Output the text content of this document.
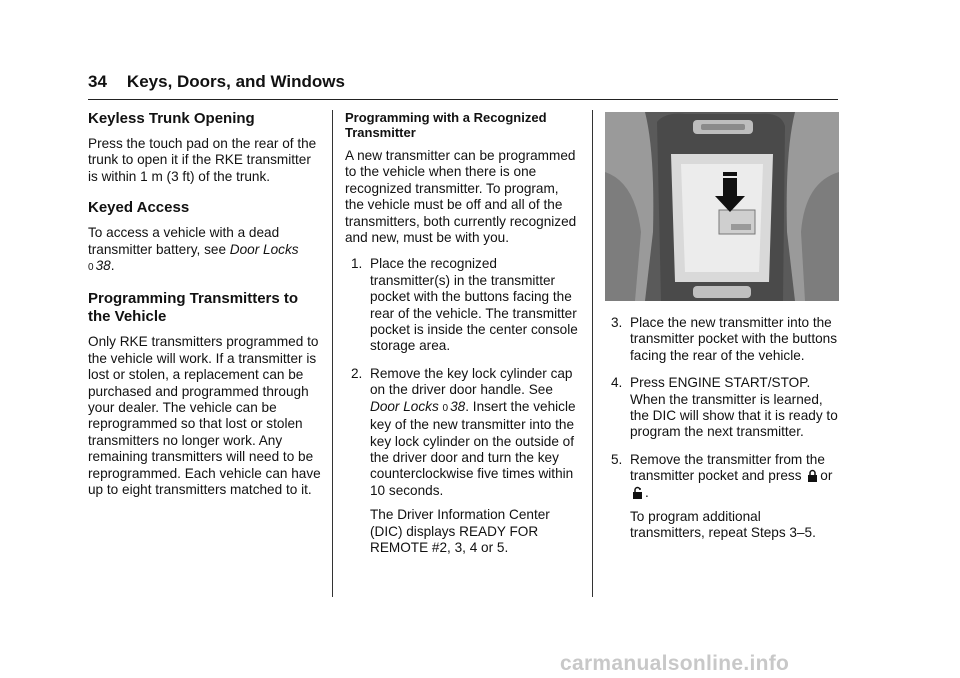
34 Keys, Doors, and Windows
Keyless Trunk Opening

Press the touch pad on the rear of the trunk to open it if the RKE transmitter is within 1 m (3 ft) of the trunk.

Keyed Access

To access a vehicle with a dead transmitter battery, see Door Locks
0 38.

Programming Transmitters to the Vehicle

Only RKE transmitters programmed to the vehicle will work. If a transmitter is lost or stolen, a replacement can be purchased and programmed through your dealer. The vehicle can be reprogrammed so that lost or stolen transmitters no longer work. Any remaining transmitters will need to be reprogrammed. Each vehicle can have up to eight transmitters matched to it.

Programming with a Recognized Transmitter

A new transmitter can be programmed to the vehicle when there is one recognized transmitter. To program, the vehicle must be off and all of the transmitters, both currently recognized and new, must be with you.

1. Place the recognized transmitter(s) in the transmitter pocket with the buttons facing the rear of the vehicle. The transmitter pocket is inside the center console storage area.

2. Remove the key lock cylinder cap on the driver door handle. See Door Locks 0 38. Insert the vehicle key of the new transmitter into the key lock cylinder on the outside of the driver door and turn the key counterclockwise five times within 10 seconds.

The Driver Information Center (DIC) displays READY FOR REMOTE #2, 3, 4 or 5.

3. Place the new transmitter into the transmitter pocket with the buttons facing the rear of the vehicle.

4. Press ENGINE START/STOP. When the transmitter is learned, the DIC will show that it is ready to program the next transmitter.

5. Remove the transmitter from the transmitter pocket and press or.

To program additional transmitters, repeat Steps 3–5.

carmanualsonline.info
